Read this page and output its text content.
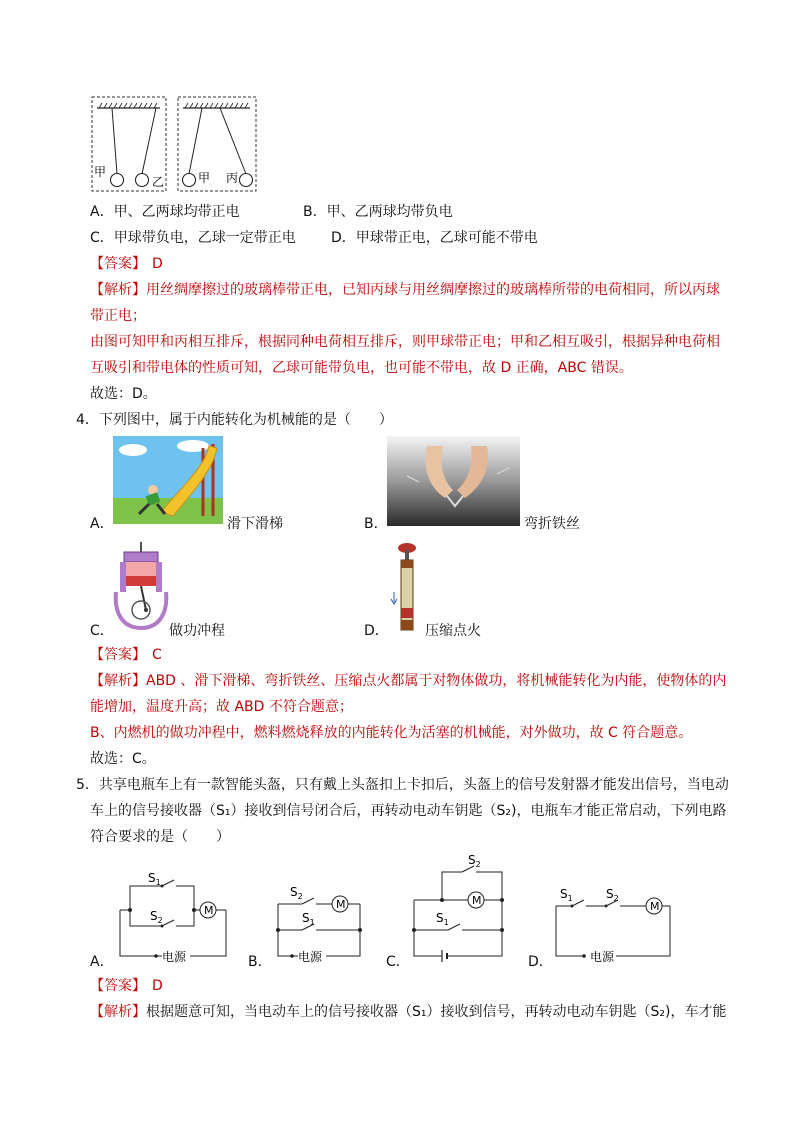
甲
乙	甲 丙
A．甲、乙两球均带正电	B．甲、乙两球均带负电
C．甲球带负电，乙球一定带正电	D．甲球带正电，乙球可能不带电
【答案】 D
【解析】用丝绸摩擦过的玻璃棒带正电，已知丙球与用丝绸摩擦过的玻璃棒所带的电荷相同，所以丙球
带正电；
由图可知甲和丙相互排斥，根据同种电荷相互排斥，则甲球带正电；甲和乙相互吸引，根据异种电荷相
互吸引和带电体的性质可知，乙球可能带负电，也可能不带电，故 D 正确，ABC 错误。
故选：D。
4．下列图中，属于内能转化为机械能的是（　　）
A．	滑下滑梯	B．	弯折铁丝
C．	做功冲程	D．	压缩点火
【答案】 C
【解析】ABD 、滑下滑梯、弯折铁丝、压缩点火都属于对物体做功，将机械能转化为内能，使物体的内
能增加，温度升高；故 ABD 不符合题意；
B、内燃机的做功冲程中，燃料燃烧释放的内能转化为活塞的机械能，对外做功，故 C 符合题意。
故选：C。
5．共享电瓶车上有一款智能头盔，只有戴上头盔扣上卡扣后，头盔上的信号发射器才能发出信号，当电动
车上的信号接收器（S₁）接收到信号闭合后，再转动电动车钥匙（S₂)，电瓶车才能正常启动，下列电路
符合要求的是（　　）
M
$S_1$
$S_2$
电源
A．
M
$S_2$
$S_1$
电源
B．
M
$S_2$
$S_1$
C．
M
$S_1$	$S_2$
电源
D．
【答案】 D
【解析】根据题意可知，当电动车上的信号接收器（S₁）接收到信号，再转动电动车钥匙（S₂)，车才能
